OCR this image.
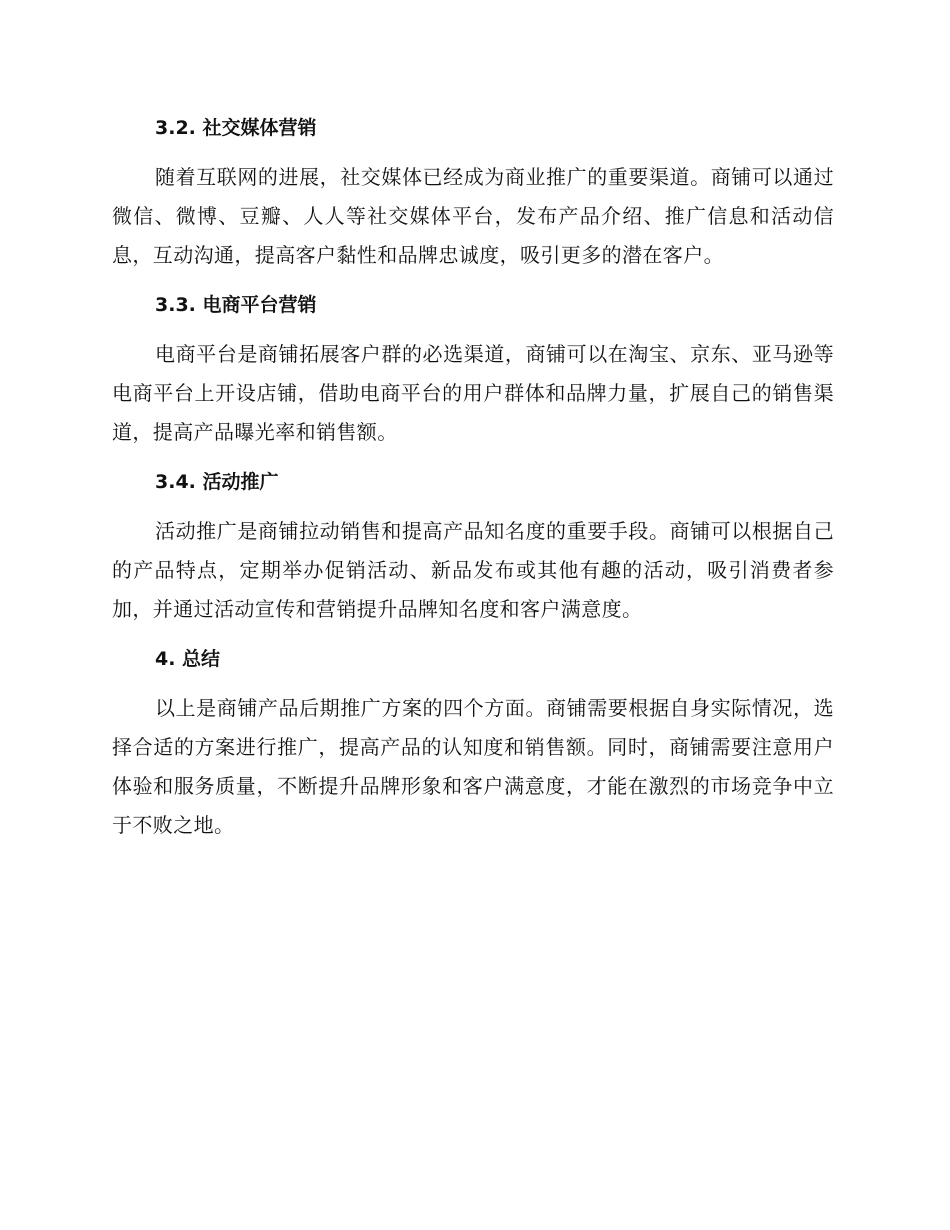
3.2. 社交媒体营销

随着互联网的进展，社交媒体已经成为商业推广的重要渠道。商铺可以通过微信、微博、豆瓣、人人等社交媒体平台，发布产品介绍、推广信息和活动信息，互动沟通，提高客户黏性和品牌忠诚度，吸引更多的潜在客户。

3.3. 电商平台营销

电商平台是商铺拓展客户群的必选渠道，商铺可以在淘宝、京东、亚马逊等电商平台上开设店铺，借助电商平台的用户群体和品牌力量，扩展自己的销售渠道，提高产品曝光率和销售额。

3.4. 活动推广

活动推广是商铺拉动销售和提高产品知名度的重要手段。商铺可以根据自己的产品特点，定期举办促销活动、新品发布或其他有趣的活动，吸引消费者参加，并通过活动宣传和营销提升品牌知名度和客户满意度。

4. 总结

以上是商铺产品后期推广方案的四个方面。商铺需要根据自身实际情况，选择合适的方案进行推广，提高产品的认知度和销售额。同时，商铺需要注意用户体验和服务质量，不断提升品牌形象和客户满意度，才能在激烈的市场竞争中立于不败之地。
